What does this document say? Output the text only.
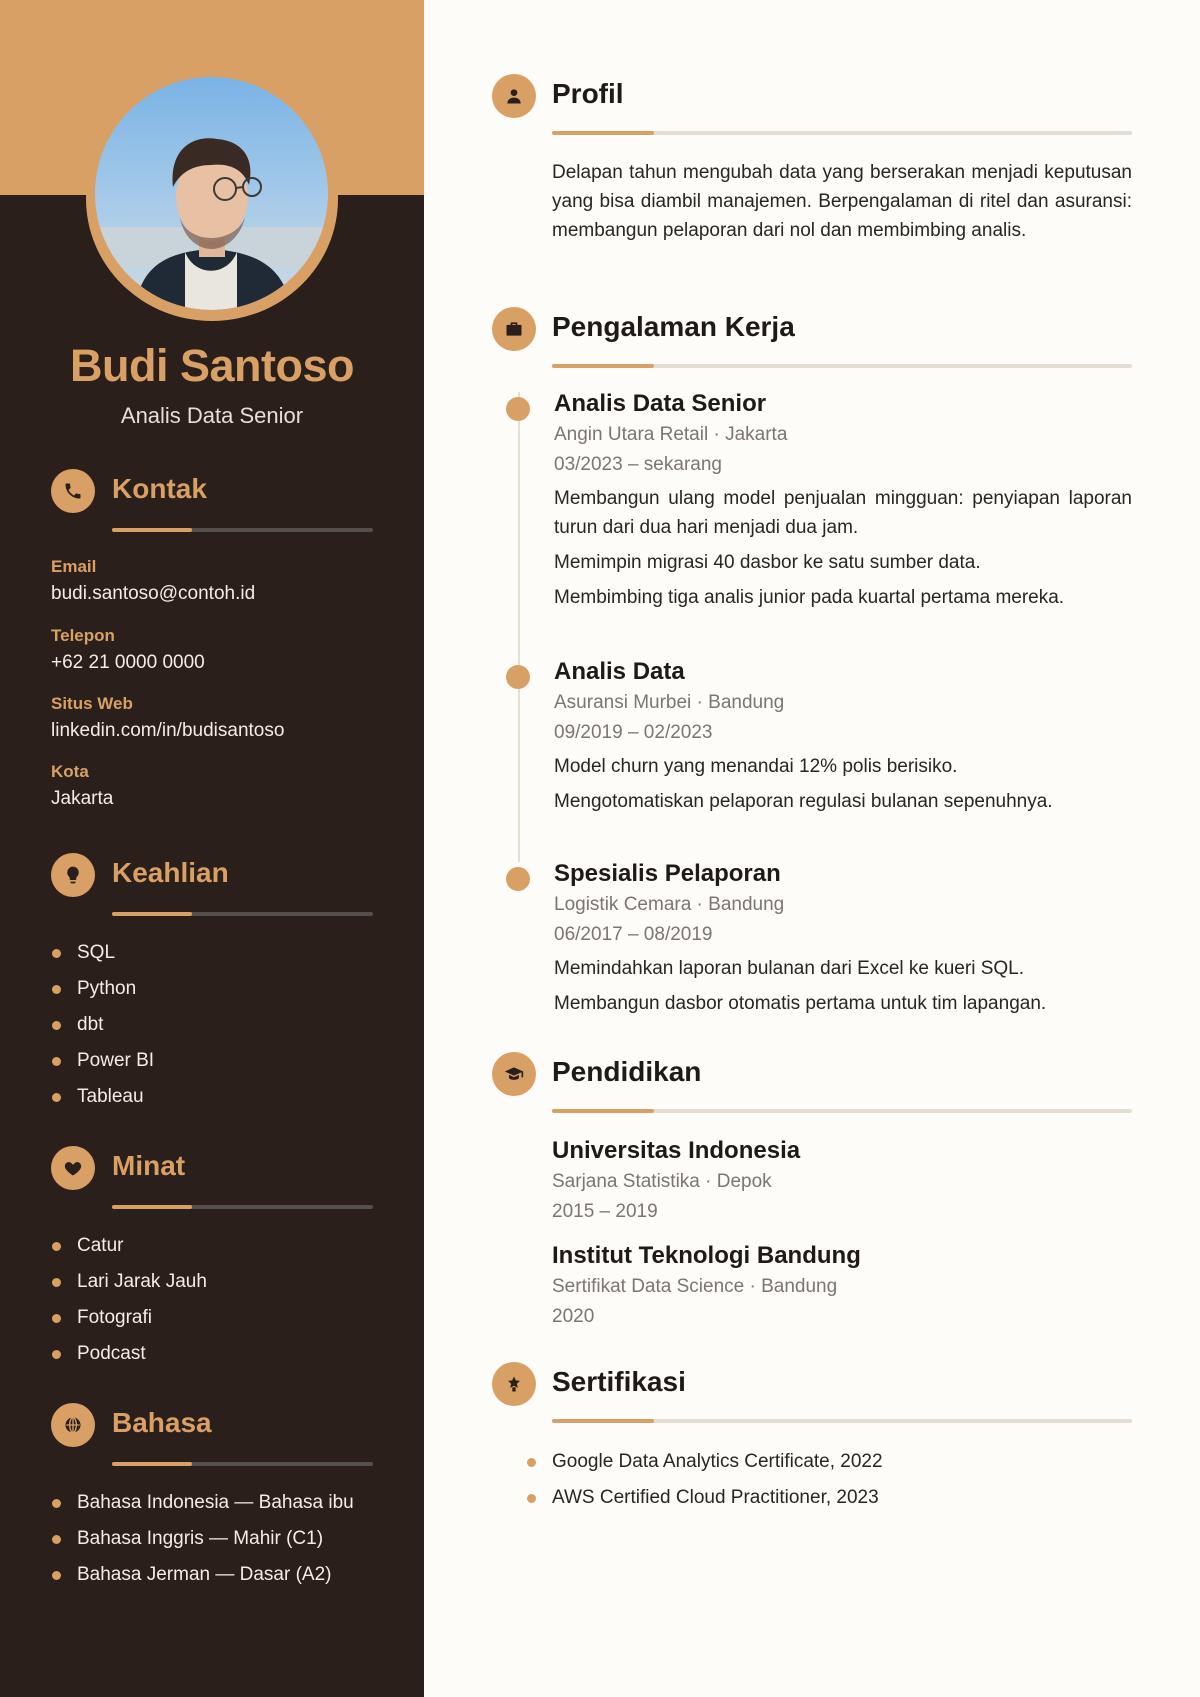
Budi Santoso
Analis Data Senior
Kontak
Email
budi.santoso@contoh.id
Telepon
+62 21 0000 0000
Situs Web
linkedin.com/in/budisantoso
Kota
Jakarta
Keahlian
SQL
Python
dbt
Power BI
Tableau
Minat
Catur
Lari Jarak Jauh
Fotografi
Podcast
Bahasa
Bahasa Indonesia — Bahasa ibu
Bahasa Inggris — Mahir (C1)
Bahasa Jerman — Dasar (A2)
Profil
Delapan tahun mengubah data yang berserakan menjadi keputusan yang bisa diambil manajemen. Berpengalaman di ritel dan asuransi: membangun pelaporan dari nol dan membimbing analis.
Pengalaman Kerja
Analis Data Senior
Angin Utara Retail · Jakarta
03/2023 – sekarang
Membangun ulang model penjualan mingguan: penyiapan laporan turun dari dua hari menjadi dua jam.
Memimpin migrasi 40 dasbor ke satu sumber data.
Membimbing tiga analis junior pada kuartal pertama mereka.
Analis Data
Asuransi Murbei · Bandung
09/2019 – 02/2023
Model churn yang menandai 12% polis berisiko.
Mengotomatiskan pelaporan regulasi bulanan sepenuhnya.
Spesialis Pelaporan
Logistik Cemara · Bandung
06/2017 – 08/2019
Memindahkan laporan bulanan dari Excel ke kueri SQL.
Membangun dasbor otomatis pertama untuk tim lapangan.
Pendidikan
Universitas Indonesia
Sarjana Statistika · Depok
2015 – 2019
Institut Teknologi Bandung
Sertifikat Data Science · Bandung
2020
Sertifikasi
Google Data Analytics Certificate, 2022
AWS Certified Cloud Practitioner, 2023
